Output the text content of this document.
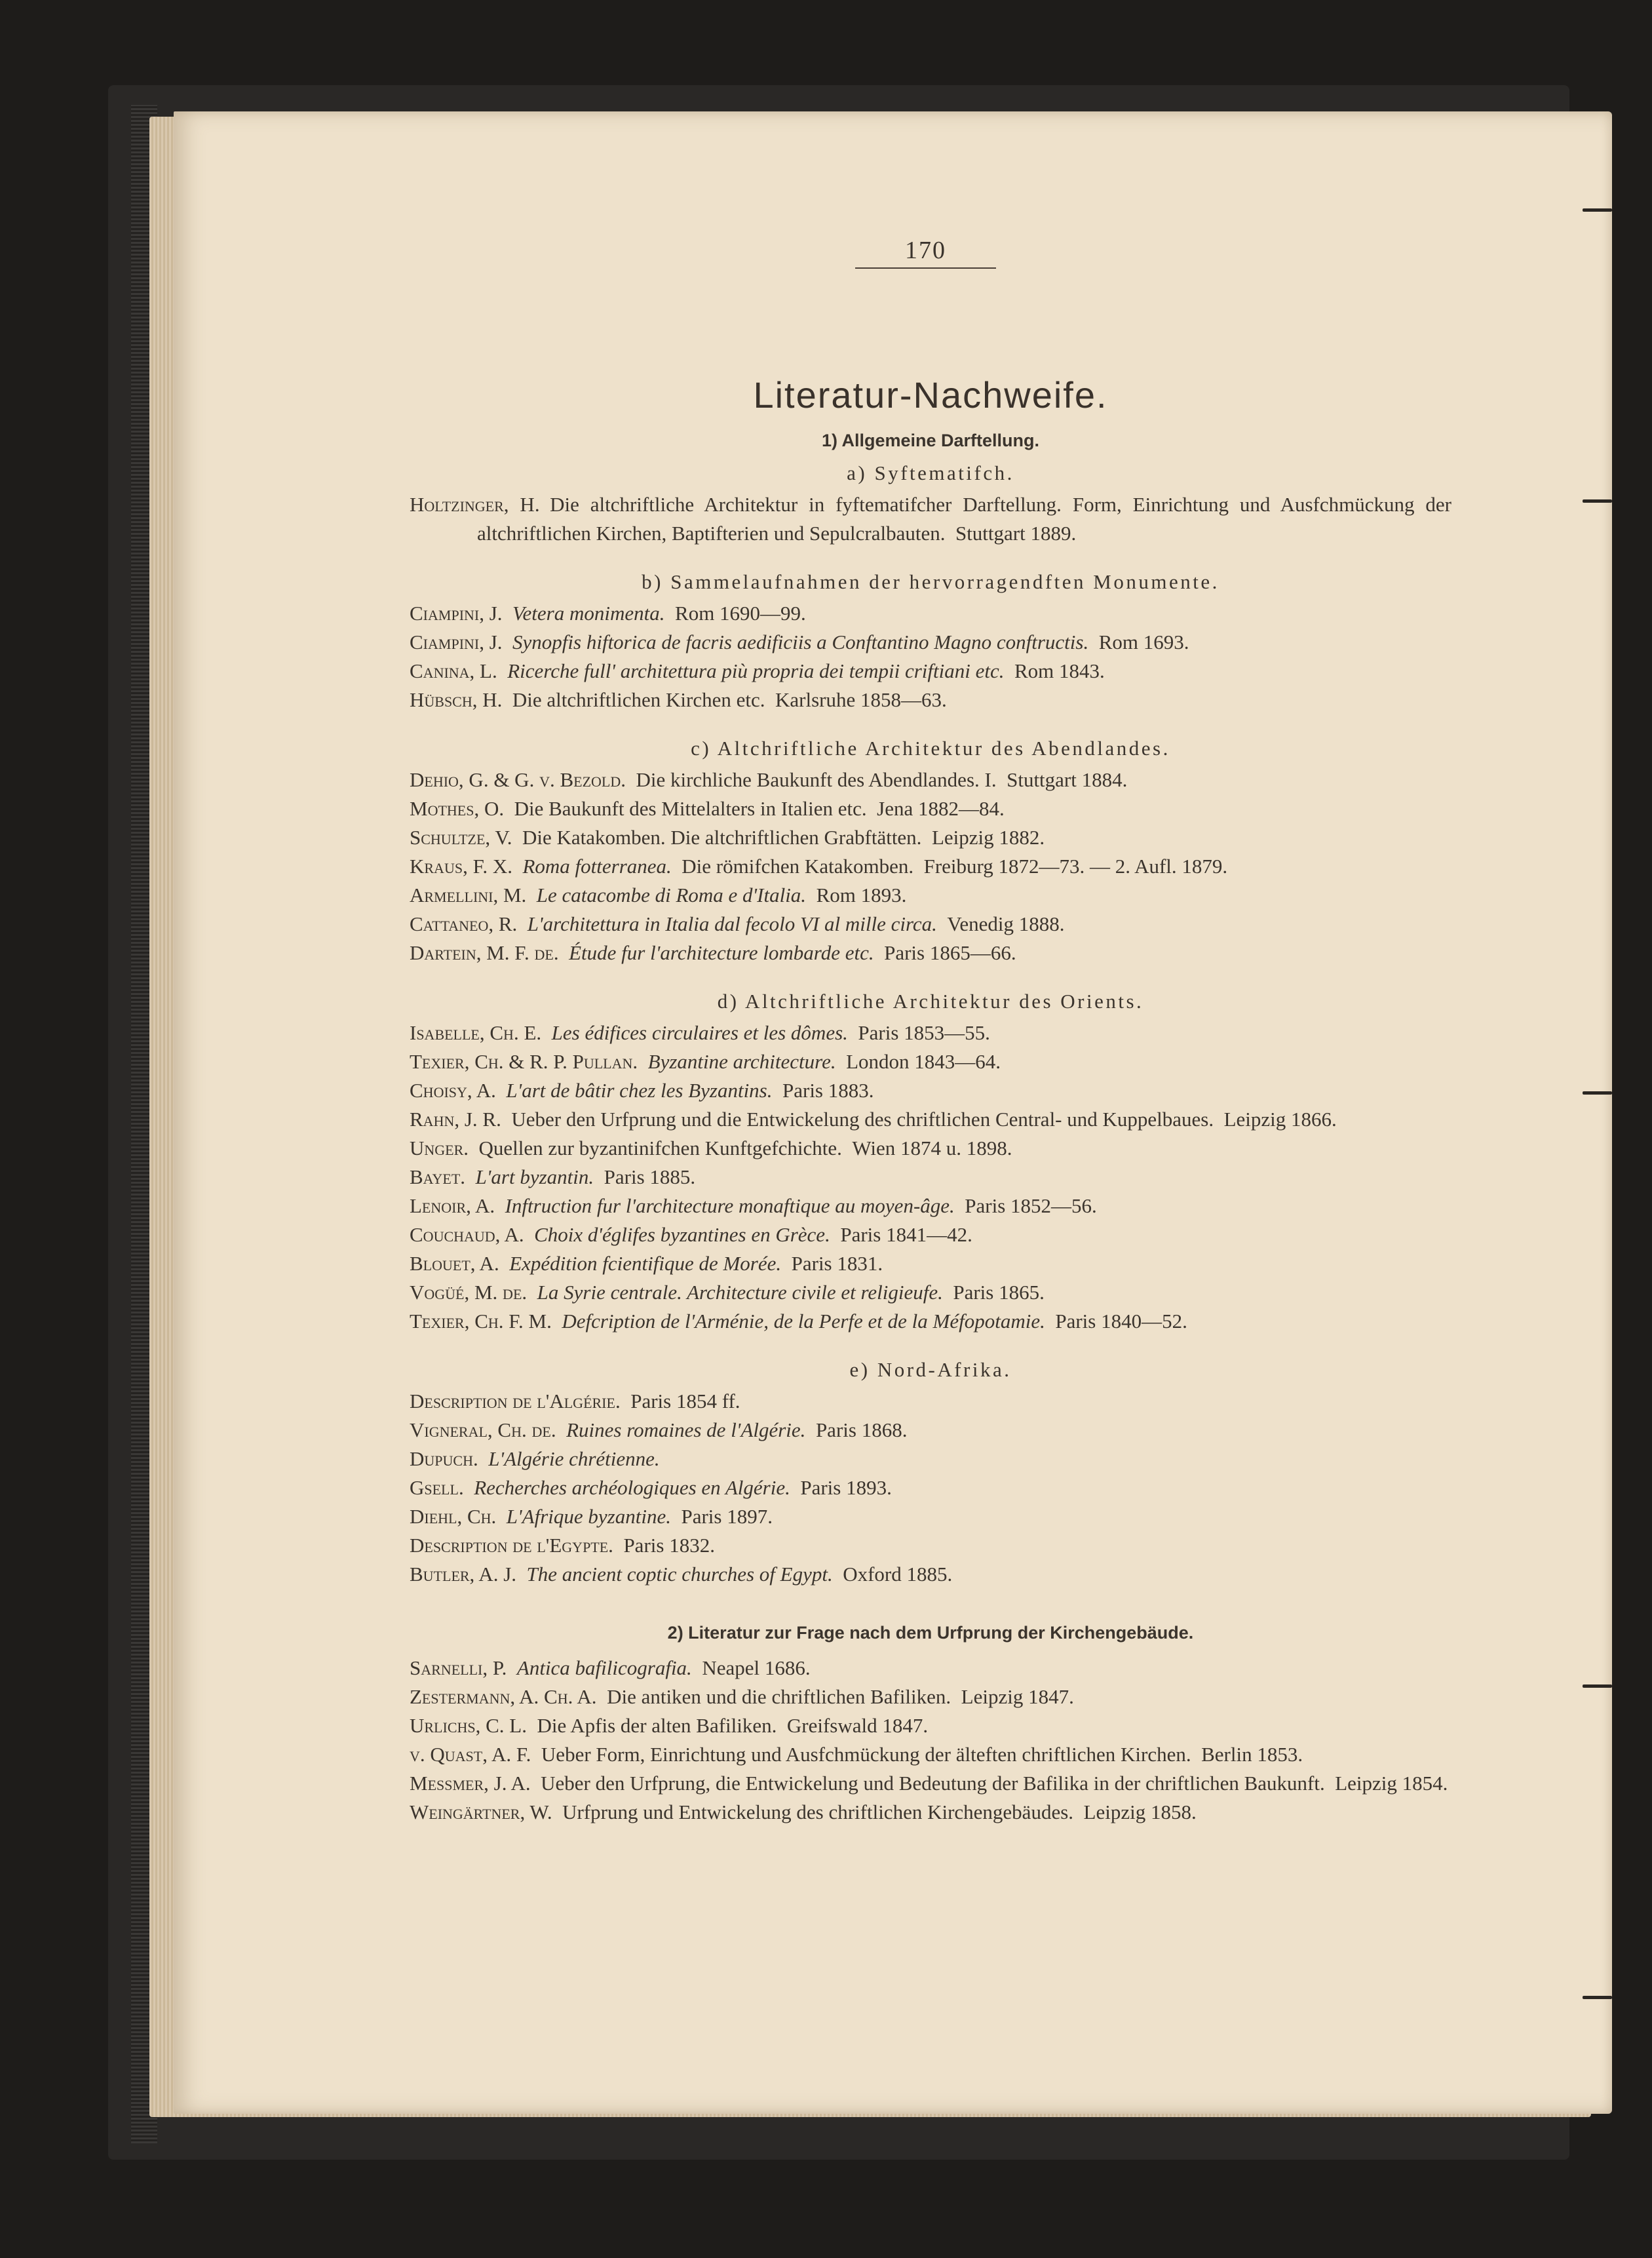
170
Literatur-Nachweife.
1) Allgemeine Darftellung.
a) Syftematifch.
Holtzinger, H.  Die altchriftliche Architektur in fyftematifcher Darftellung. Form, Einrichtung und Ausfchmückung der altchriftlichen Kirchen, Baptifterien und Sepulcralbauten.  Stuttgart 1889.
b) Sammelaufnahmen der hervorragendften Monumente.
Ciampini, J.  Vetera monimenta.  Rom 1690—99.
Ciampini, J.  Synopfis hiftorica de facris aedificiis a Conftantino Magno conftructis.  Rom 1693.
Canina, L.  Ricerche full' architettura più propria dei tempii criftiani etc.  Rom 1843.
Hübsch, H.  Die altchriftlichen Kirchen etc.  Karlsruhe 1858—63.
c) Altchriftliche Architektur des Abendlandes.
Dehio, G. & G. v. Bezold.  Die kirchliche Baukunft des Abendlandes. I.  Stuttgart 1884.
Mothes, O.  Die Baukunft des Mittelalters in Italien etc.  Jena 1882—84.
Schultze, V.  Die Katakomben. Die altchriftlichen Grabftätten.  Leipzig 1882.
Kraus, F. X.  Roma fotterranea.  Die römifchen Katakomben.  Freiburg 1872—73. — 2. Aufl. 1879.
Armellini, M.  Le catacombe di Roma e d'Italia.  Rom 1893.
Cattaneo, R.  L'architettura in Italia dal fecolo VI al mille circa.  Venedig 1888.
Dartein, M. F. de.  Étude fur l'architecture lombarde etc.  Paris 1865—66.
d) Altchriftliche Architektur des Orients.
Isabelle, Ch. E.  Les édifices circulaires et les dômes.  Paris 1853—55.
Texier, Ch. & R. P. Pullan.  Byzantine architecture.  London 1843—64.
Choisy, A.  L'art de bâtir chez les Byzantins.  Paris 1883.
Rahn, J. R.  Ueber den Urfprung und die Entwickelung des chriftlichen Central- und Kuppelbaues.  Leipzig 1866.
Unger.  Quellen zur byzantinifchen Kunftgefchichte.  Wien 1874 u. 1898.
Bayet.  L'art byzantin.  Paris 1885.
Lenoir, A.  Inftruction fur l'architecture monaftique au moyen-âge.  Paris 1852—56.
Couchaud, A.  Choix d'églifes byzantines en Grèce.  Paris 1841—42.
Blouet, A.  Expédition fcientifique de Morée.  Paris 1831.
Vogüé, M. de.  La Syrie centrale. Architecture civile et religieufe.  Paris 1865.
Texier, Ch. F. M.  Defcription de l'Arménie, de la Perfe et de la Méfopotamie.  Paris 1840—52.
e) Nord-Afrika.
Description de l'Algérie.  Paris 1854 ff.
Vigneral, Ch. de.  Ruines romaines de l'Algérie.  Paris 1868.
Dupuch.  L'Algérie chrétienne.
Gsell.  Recherches archéologiques en Algérie.  Paris 1893.
Diehl, Ch.  L'Afrique byzantine.  Paris 1897.
Description de l'Egypte.  Paris 1832.
Butler, A. J.  The ancient coptic churches of Egypt.  Oxford 1885.
2) Literatur zur Frage nach dem Urfprung der Kirchengebäude.
Sarnelli, P.  Antica bafilicografia.  Neapel 1686.
Zestermann, A. Ch. A.  Die antiken und die chriftlichen Bafiliken.  Leipzig 1847.
Urlichs, C. L.  Die Apfis der alten Bafiliken.  Greifswald 1847.
v. Quast, A. F.  Ueber Form, Einrichtung und Ausfchmückung der älteften chriftlichen Kirchen.  Berlin 1853.
Messmer, J. A.  Ueber den Urfprung, die Entwickelung und Bedeutung der Bafilika in der chriftlichen Baukunft.  Leipzig 1854.
Weingärtner, W.  Urfprung und Entwickelung des chriftlichen Kirchengebäudes.  Leipzig 1858.
